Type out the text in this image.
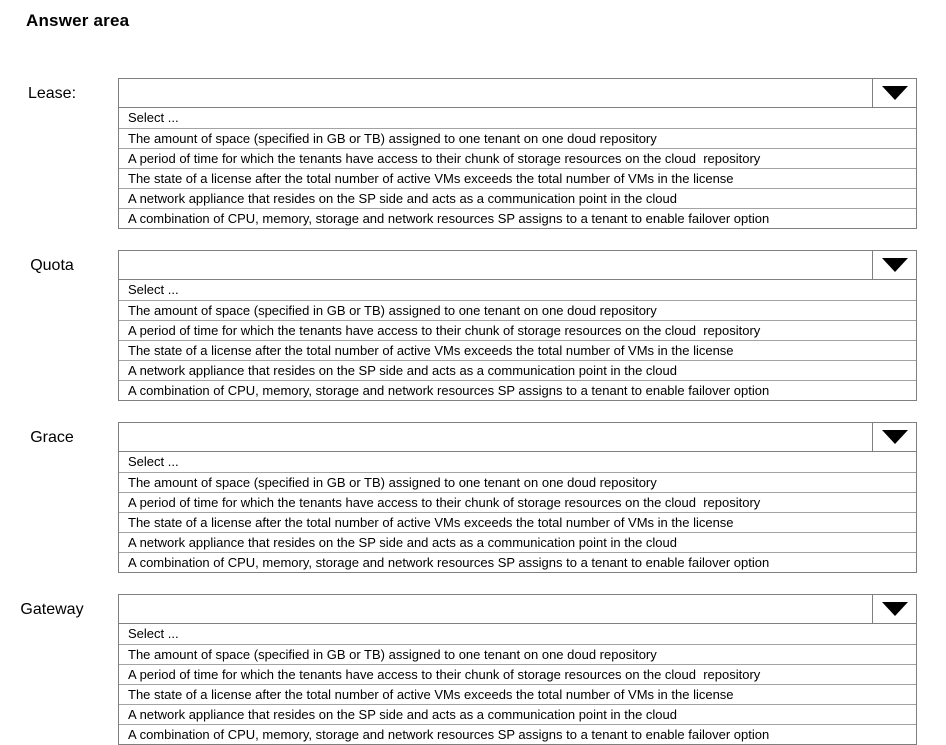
Answer area
Lease:
Select ...
The amount of space (specified in GB or TB) assigned to one tenant on one doud repository
A period of time for which the tenants have access to their chunk of storage resources on the cloud  repository
The state of a license after the total number of active VMs exceeds the total number of VMs in the license
A network appliance that resides on the SP side and acts as a communication point in the cloud
A combination of CPU, memory, storage and network resources SP assigns to a tenant to enable failover option
Quota
Select ...
The amount of space (specified in GB or TB) assigned to one tenant on one doud repository
A period of time for which the tenants have access to their chunk of storage resources on the cloud  repository
The state of a license after the total number of active VMs exceeds the total number of VMs in the license
A network appliance that resides on the SP side and acts as a communication point in the cloud
A combination of CPU, memory, storage and network resources SP assigns to a tenant to enable failover option
Grace
Select ...
The amount of space (specified in GB or TB) assigned to one tenant on one doud repository
A period of time for which the tenants have access to their chunk of storage resources on the cloud  repository
The state of a license after the total number of active VMs exceeds the total number of VMs in the license
A network appliance that resides on the SP side and acts as a communication point in the cloud
A combination of CPU, memory, storage and network resources SP assigns to a tenant to enable failover option
Gateway
Select ...
The amount of space (specified in GB or TB) assigned to one tenant on one doud repository
A period of time for which the tenants have access to their chunk of storage resources on the cloud  repository
The state of a license after the total number of active VMs exceeds the total number of VMs in the license
A network appliance that resides on the SP side and acts as a communication point in the cloud
A combination of CPU, memory, storage and network resources SP assigns to a tenant to enable failover option
